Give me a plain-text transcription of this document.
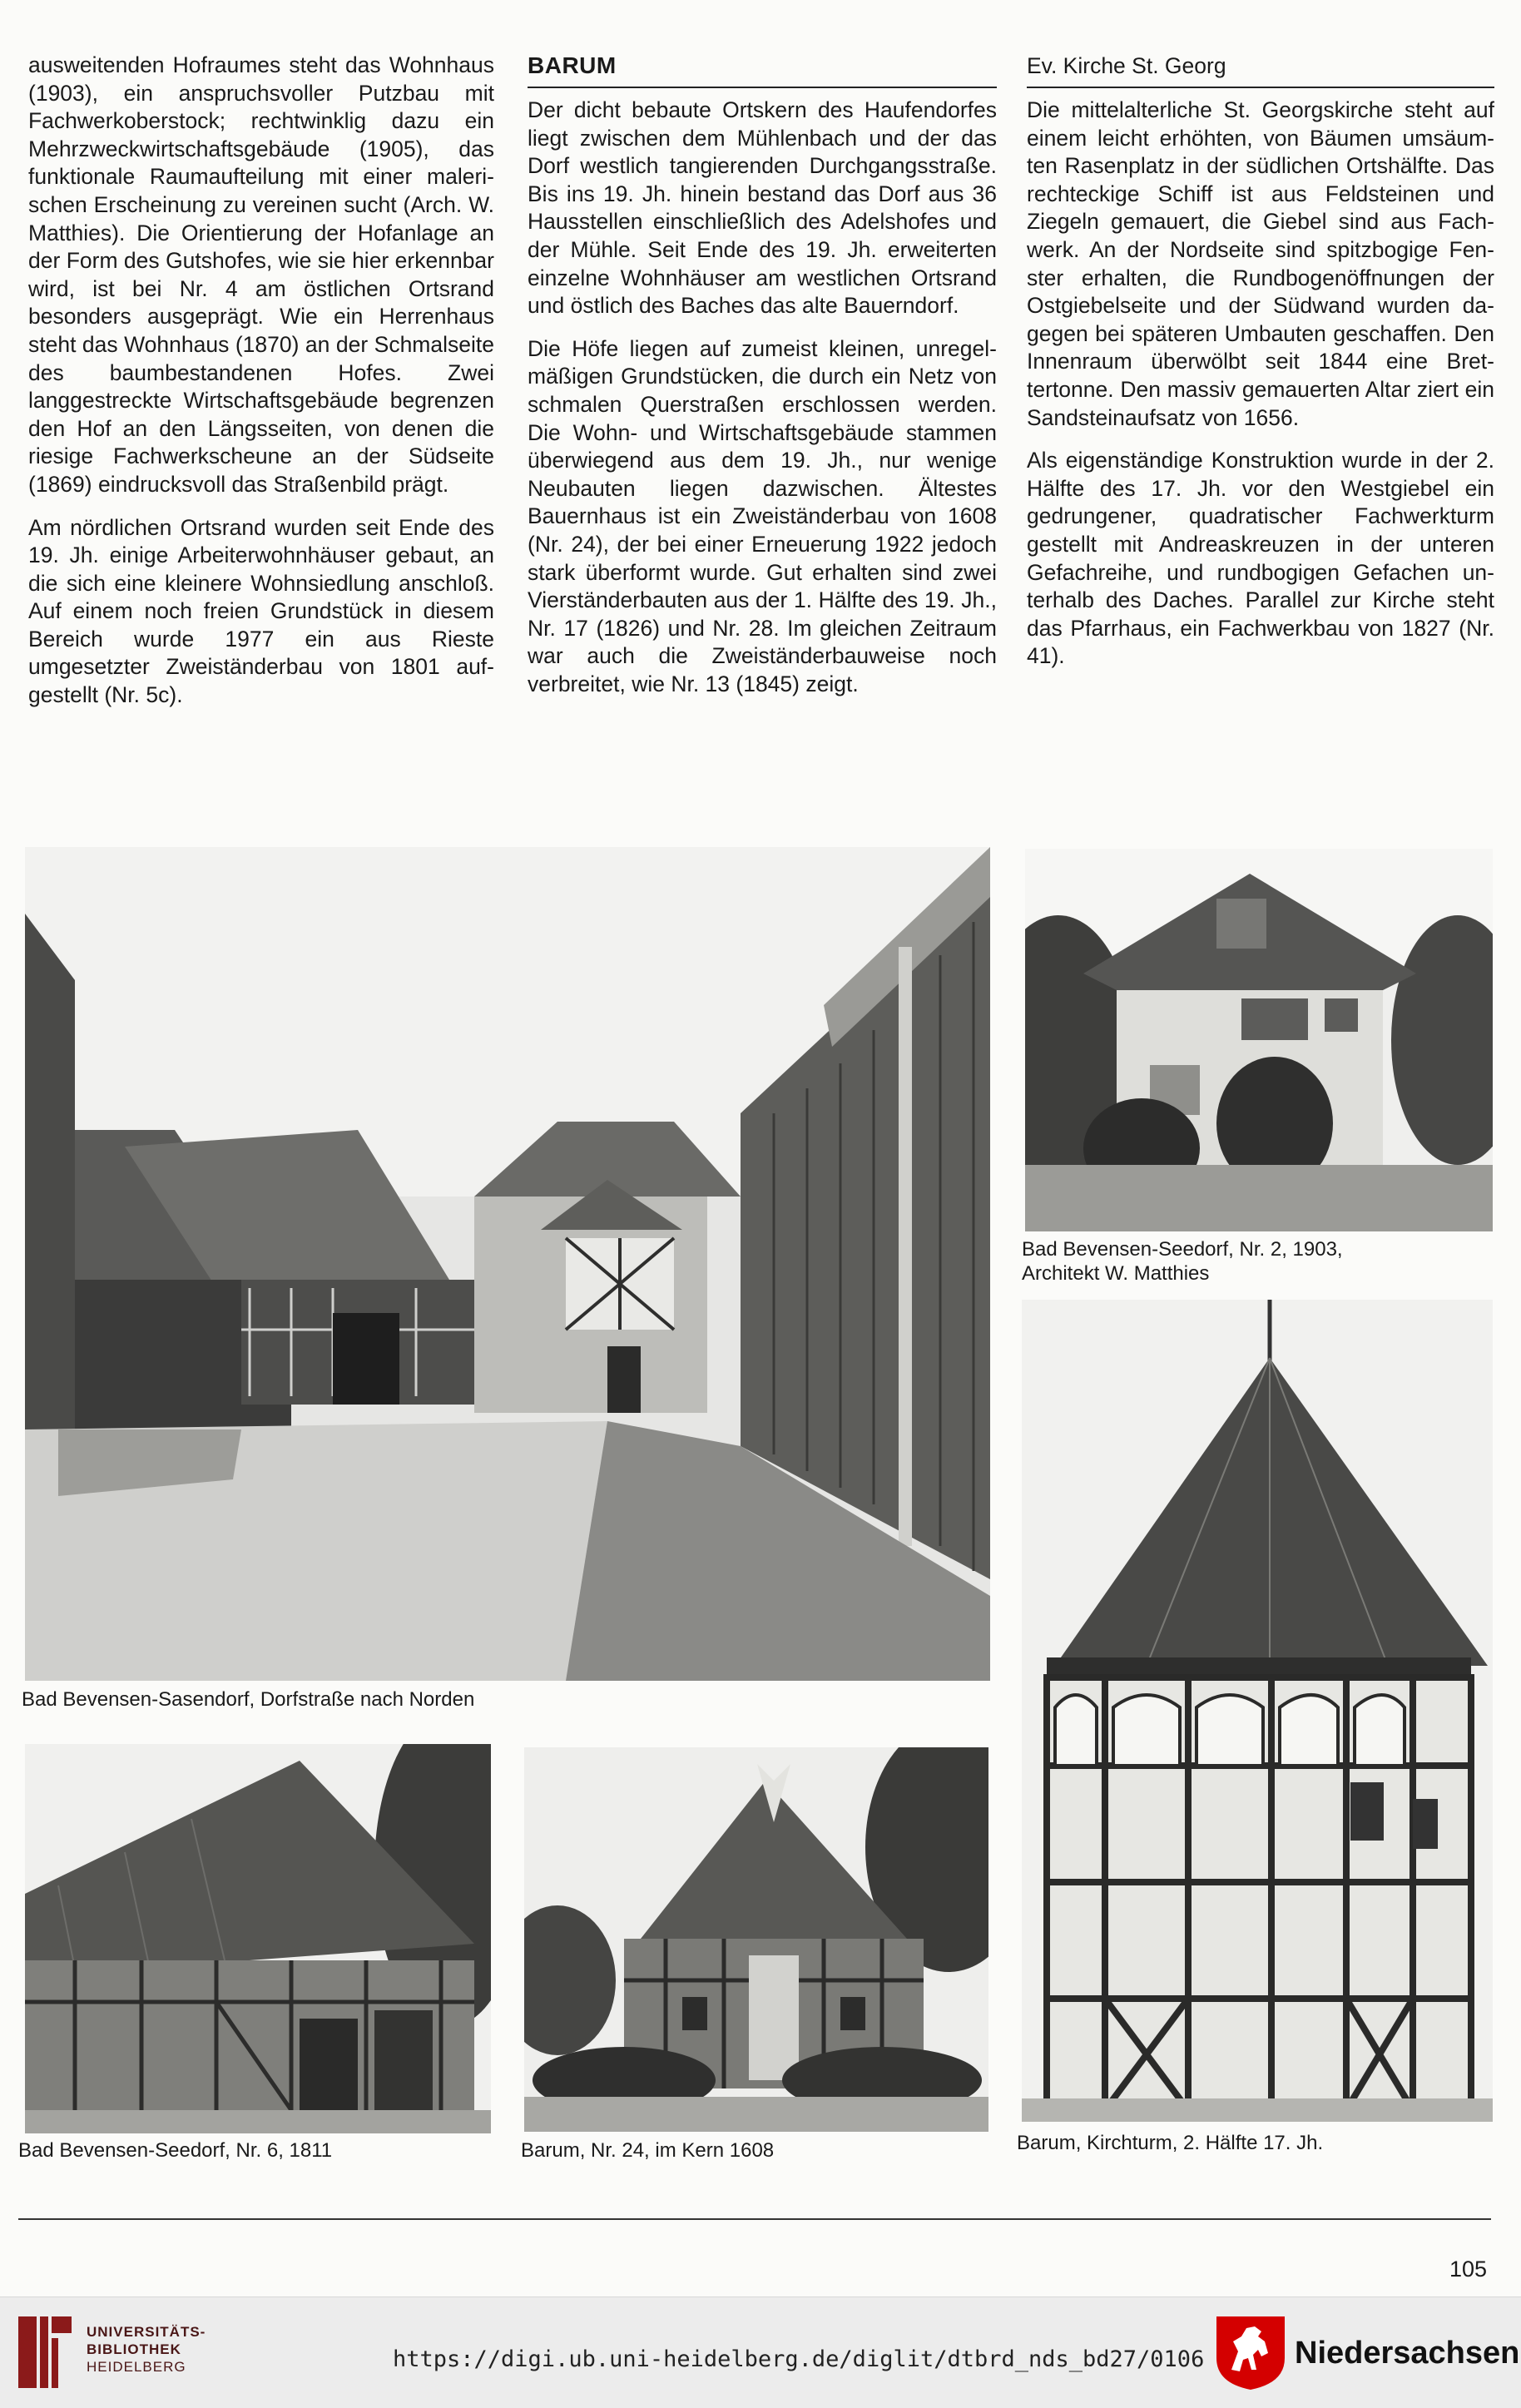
ausweitenden Hofraumes steht das Wohnhaus (1903), ein anspruchsvoller Putzbau mit Fachwerkoberstock; rechtwinklig dazu ein Mehrzweckwirtschaftsgebäude (1905), das funktionale Raumaufteilung mit einer malerischen Erscheinung zu vereinen sucht (Arch. W. Matthies). Die Orientierung der Hofanlage an der Form des Gutshofes, wie sie hier erkennbar wird, ist bei Nr. 4 am östlichen Ortsrand besonders ausgeprägt. Wie ein Herrenhaus steht das Wohnhaus (1870) an der Schmalseite des baumbestandenen Hofes. Zwei langgestreckte Wirtschaftsgebäude begrenzen den Hof an den Längsseiten, von denen die riesige Fachwerkscheune an der Südseite (1869) eindrucksvoll das Straßenbild prägt.

Am nördlichen Ortsrand wurden seit Ende des 19. Jh. einige Arbeiterwohnhäuser gebaut, an die sich eine kleinere Wohnsiedlung anschloß. Auf einem noch freien Grundstück in diesem Bereich wurde 1977 ein aus Rieste umgesetzter Zweiständerbau von 1801 aufgestellt (Nr. 5c).

BARUM

Der dicht bebaute Ortskern des Haufendorfes liegt zwischen dem Mühlenbach und der das Dorf westlich tangierenden Durchgangsstraße. Bis ins 19. Jh. hinein bestand das Dorf aus 36 Hausstellen einschließlich des Adelshofes und der Mühle. Seit Ende des 19. Jh. erweiterten einzelne Wohnhäuser am westlichen Ortsrand und östlich des Baches das alte Bauerndorf.

Die Höfe liegen auf zumeist kleinen, unregelmäßigen Grundstücken, die durch ein Netz von schmalen Querstraßen erschlossen werden. Die Wohn- und Wirtschaftsgebäude stammen überwiegend aus dem 19. Jh., nur wenige Neubauten liegen dazwischen. Ältestes Bauernhaus ist ein Zweiständerbau von 1608 (Nr. 24), der bei einer Erneuerung 1922 jedoch stark überformt wurde. Gut erhalten sind zwei Vierständerbauten aus der 1. Hälfte des 19. Jh., Nr. 17 (1826) und Nr. 28. Im gleichen Zeitraum war auch die Zweiständerbauweise noch verbreitet, wie Nr. 13 (1845) zeigt.

Ev. Kirche St. Georg

Die mittelalterliche St. Georgskirche steht auf einem leicht erhöhten, von Bäumen umsäumten Rasenplatz in der südlichen Ortshälfte. Das rechteckige Schiff ist aus Feldsteinen und Ziegeln gemauert, die Giebel sind aus Fachwerk. An der Nordseite sind spitzbogige Fenster erhalten, die Rundbogenöffnungen der Ostgiebelseite und der Südwand wurden dagegen bei späteren Umbauten geschaffen. Den Innenraum überwölbt seit 1844 eine Brettertonne. Den massiv gemauerten Altar ziert ein Sandsteinaufsatz von 1656.

Als eigenständige Konstruktion wurde in der 2. Hälfte des 17. Jh. vor den Westgiebel ein gedrungener, quadratischer Fachwerkturm gestellt mit Andreaskreuzen in der unteren Gefachreihe, und rundbogigen Gefachen unterhalb des Daches. Parallel zur Kirche steht das Pfarrhaus, ein Fachwerkbau von 1827 (Nr. 41).

Bad Bevensen-Sasendorf, Dorfstraße nach Norden
Bad Bevensen-Seedorf, Nr. 2, 1903,
Architekt W. Matthies
Barum, Kirchturm, 2. Hälfte 17. Jh.
Bad Bevensen-Seedorf, Nr. 6, 1811	Barum, Nr. 24, im Kern 1608
105
UNIVERSITÄTS-
BIBLIOTHEK
HEIDELBERG	https://digi.ub.uni-heidelberg.de/diglit/dtbrd_nds_bd27/0106	Niedersachsen
